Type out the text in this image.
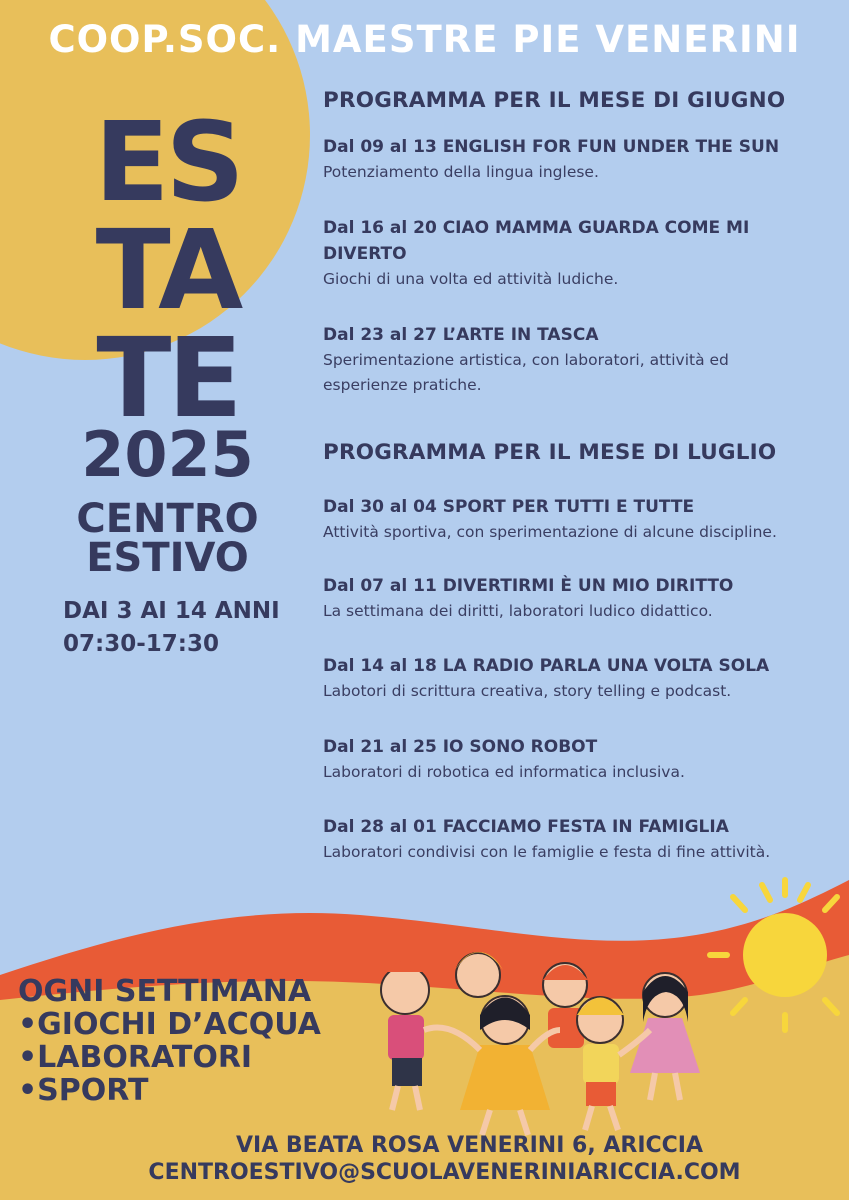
COOP.SOC. MAESTRE PIE VENERINI
ES
TA
TE
2025
CENTRO
ESTIVO
DAI 3 AI 14 ANNI
07:30-17:30
PROGRAMMA PER IL MESE DI GIUGNO
Dal 09 al 13 ENGLISH FOR FUN UNDER THE SUN
Potenziamento della lingua inglese.
Dal 16 al 20 CIAO MAMMA GUARDA COME MI DIVERTO
Giochi di una volta ed attività ludiche.
Dal 23 al 27 L’ARTE IN TASCA
Sperimentazione artistica, con laboratori, attività ed esperienze pratiche.
PROGRAMMA PER IL MESE DI LUGLIO
Dal 30 al 04 SPORT PER TUTTI E TUTTE
Attività sportiva, con sperimentazione di alcune discipline.
Dal 07 al 11 DIVERTIRMI È UN MIO DIRITTO
La settimana dei diritti, laboratori ludico didattico.
Dal 14 al 18 LA RADIO PARLA UNA VOLTA SOLA
Labotori di scrittura creativa, story telling e podcast.
Dal 21 al 25 IO SONO ROBOT
Laboratori di robotica ed informatica inclusiva.
Dal 28 al 01 FACCIAMO FESTA IN FAMIGLIA
Laboratori condivisi con le famiglie e festa di fine attività.
OGNI SETTIMANA
•GIOCHI D’ACQUA
•LABORATORI
•SPORT
VIA BEATA ROSA VENERINI 6, ARICCIA
CENTROESTIVO@SCUOLAVENERINIARICCIA.COM
